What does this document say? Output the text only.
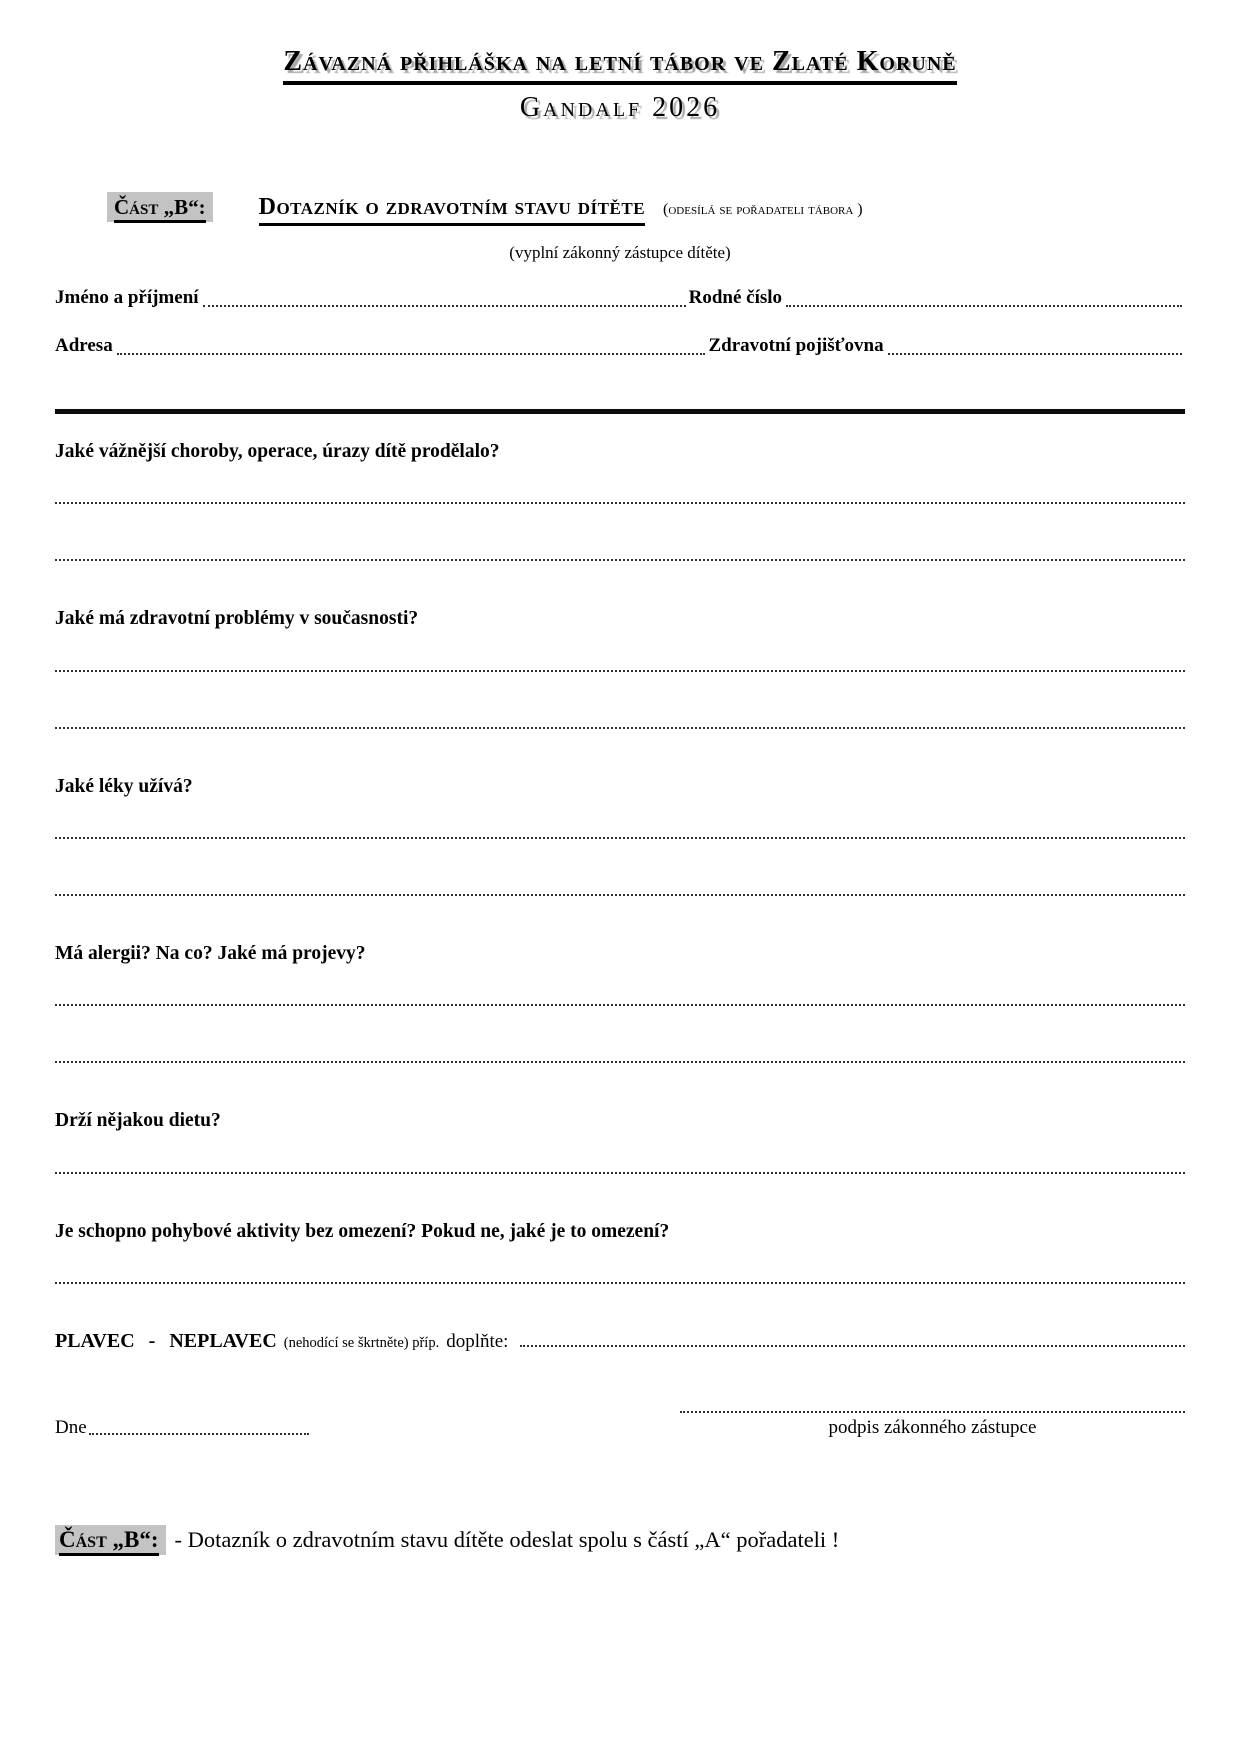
Závazná přihláška na letní tábor ve Zlaté Koruně
Gandalf 2026
Část „B“: Dotazník o zdravotním stavu dítěte (odesílá se pořadateli tábora )
(vyplní zákonný zástupce dítěte)
Jméno a příjmení	Rodné číslo
Adresa	Zdravotní pojišťovna
Jaké vážnější choroby, operace, úrazy dítě prodělalo?
Jaké má zdravotní problémy v současnosti?
Jaké léky užívá?
Má alergii? Na co? Jaké má projevy?
Drží nějakou dietu?
Je schopno pohybové aktivity bez omezení? Pokud ne, jaké je to omezení?
PLAVEC - NEPLAVEC (nehodící se škrtněte) příp. doplňte:
Dne	podpis zákonného zástupce
Část „B“: - Dotazník o zdravotním stavu dítěte odeslat spolu s částí „A“ pořadateli !
